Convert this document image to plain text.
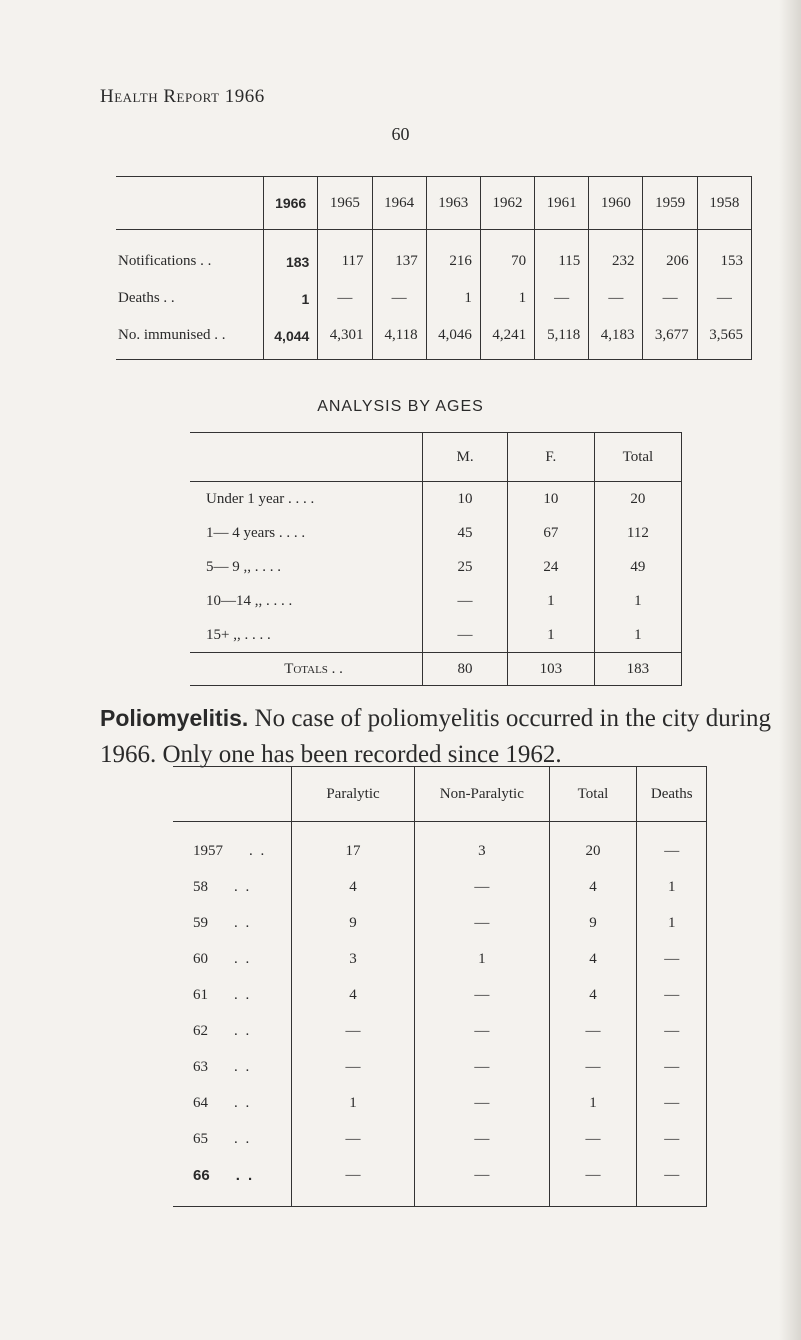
Health Report 1966
60
	1966	1965	1964	1963	1962	1961	1960	1959	1958
Notifications . .	183	117	137	216	70	115	232	206	153
Deaths . .	1	—	—	1	1	—	—	—	—
No. immunised . .	4,044	4,301	4,118	4,046	4,241	5,118	4,183	3,677	3,565
ANALYSIS BY AGES
	M.	F.	Total
Under 1 year . . . .	10	10	20
1— 4 years . . . .	45	67	112
5— 9 ,, . . . .	25	24	49
10—14 ,, . . . .	—	1	1
15+ ,, . . . .	—	1	1
Totals . .	80	103	183
Poliomyelitis. No case of poliomyelitis occurred in the city during 1966. Only one has been recorded since 1962.
	Paralytic	Non-Paralytic	Total	Deaths
1957 . .	17	3	20	—
58 . .	4	—	4	1
59 . .	9	—	9	1
60 . .	3	1	4	—
61 . .	4	—	4	—
62 . .	—	—	—	—
63 . .	—	—	—	—
64 . .	1	—	1	—
65 . .	—	—	—	—
66 . .	—	—	—	—
